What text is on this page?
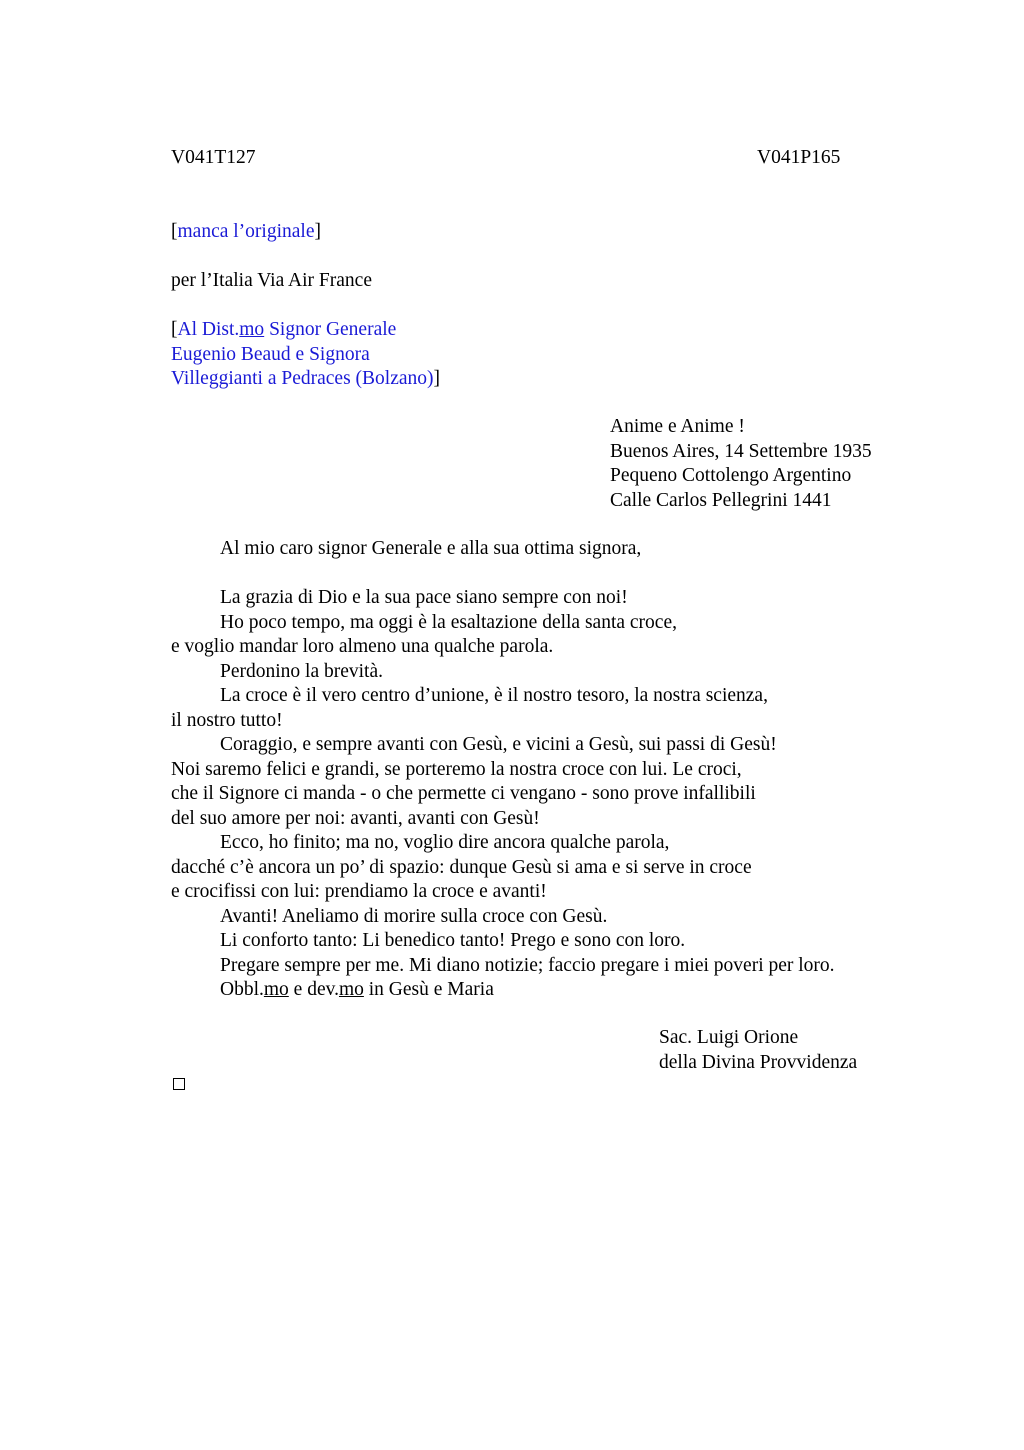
V041T127	V041P165
[manca l’originale]
per l’Italia Via Air France
[Al Dist.mo Signor Generale
Eugenio Beaud e Signora
Villeggianti a Pedraces (Bolzano)]
Anime e Anime !
Buenos Aires, 14 Settembre 1935
Pequeno Cottolengo Argentino
Calle Carlos Pellegrini 1441
Al mio caro signor Generale e alla sua ottima signora,
La grazia di Dio e la sua pace siano sempre con noi!
Ho poco tempo, ma oggi è la esaltazione della santa croce,
e voglio mandar loro almeno una qualche parola.
Perdonino la brevità.
La croce è il vero centro d’unione, è il nostro tesoro, la nostra scienza,
il nostro tutto!
Coraggio, e sempre avanti con Gesù, e vicini a Gesù, sui passi di Gesù!
Noi saremo felici e grandi, se porteremo la nostra croce con lui. Le croci,
che il Signore ci manda - o che permette ci vengano - sono prove infallibili
del suo amore per noi: avanti, avanti con Gesù!
Ecco, ho finito; ma no, voglio dire ancora qualche parola,
dacché c’è ancora un po’ di spazio: dunque Gesù si ama e si serve in croce
e crocifissi con lui: prendiamo la croce e avanti!
Avanti! Aneliamo di morire sulla croce con Gesù.
Li conforto tanto: Li benedico tanto! Prego e sono con loro.
Pregare sempre per me. Mi diano notizie; faccio pregare i miei poveri per loro.
Obbl.mo e dev.mo in Gesù e Maria
Sac. Luigi Orione
della Divina Provvidenza
